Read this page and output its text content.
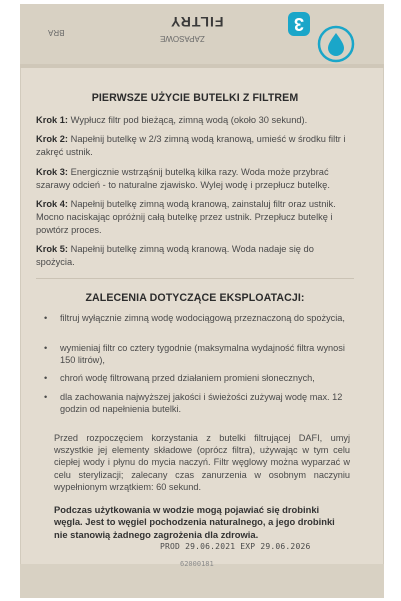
3
FILTRY
ZAPASOWE
BRA
PIERWSZE UŻYCIE BUTELKI Z FILTREM
Krok 1: Wypłucz filtr pod bieżącą, zimną wodą (około 30 sekund).
Krok 2: Napełnij butelkę w 2/3 zimną wodą kranową, umieść w środku filtr i zakręć ustnik.
Krok 3: Energicznie wstrząśnij butelką kilka razy. Woda może przybrać szarawy odcień - to naturalne zjawisko. Wylej wodę i przepłucz butelkę.
Krok 4: Napełnij butelkę zimną wodą kranową, zainstaluj filtr oraz ustnik. Mocno naciskając opróżnij całą butelkę przez ustnik. Przepłucz butelkę i powtórz proces.
Krok 5: Napełnij butelkę zimną wodą kranową. Woda nadaje się do spożycia.
ZALECENIA DOTYCZĄCE EKSPLOATACJI:
• filtruj wyłącznie zimną wodę wodociągową przeznaczoną do spożycia,
• wymieniaj filtr co cztery tygodnie (maksymalna wydajność filtra wynosi 150 litrów),
• chroń wodę filtrowaną przed działaniem promieni słonecznych,
• dla zachowania najwyższej jakości i świeżości zużywaj wodę max. 12 godzin od napełnienia butelki.
Przed rozpoczęciem korzystania z butelki filtrującej DAFI, umyj wszystkie jej elementy składowe (oprócz filtra), używając w tym celu ciepłej wody i płynu do mycia naczyń. Filtr węglowy można wyparzać w celu sterylizacji; zalecany czas zanurzenia w osobnym naczyniu wypełnionym wrzątkiem: 60 sekund.
Podczas użytkowania w wodzie mogą pojawiać się drobinki węgla. Jest to węgiel pochodzenia naturalnego, a jego drobinki nie stanowią żadnego zagrożenia dla zdrowia.
PROD 29.06.2021 EXP 29.06.2026
62000181
